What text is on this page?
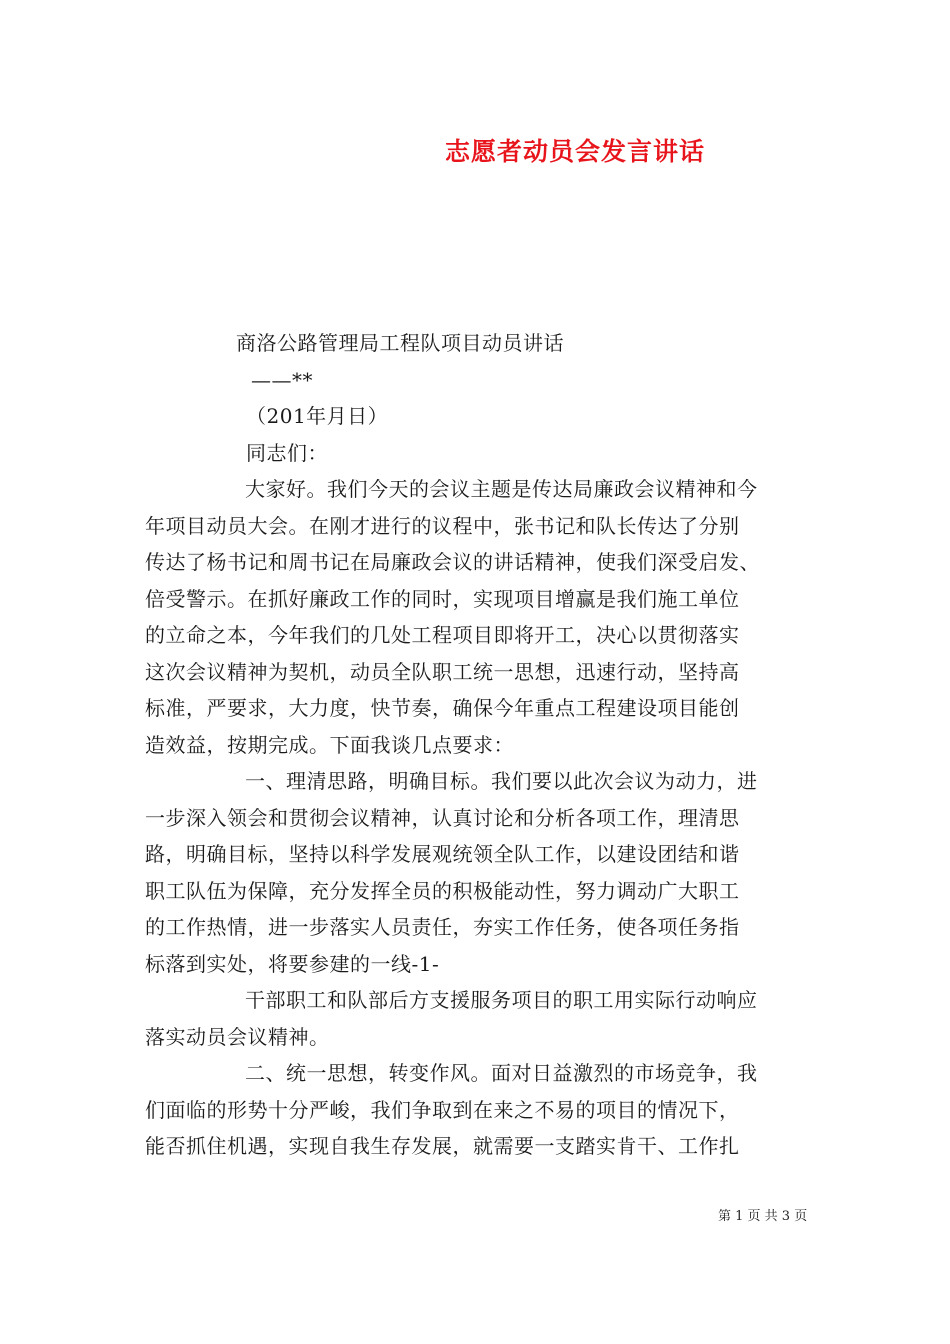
志愿者动员会发言讲话
商洛公路管理局工程队项目动员讲话
——**
（201年月日）
同志们：
大家好。我们今天的会议主题是传达局廉政会议精神和今
年项目动员大会。在刚才进行的议程中，张书记和队长传达了分别
传达了杨书记和周书记在局廉政会议的讲话精神，使我们深受启发、
倍受警示。在抓好廉政工作的同时，实现项目增赢是我们施工单位
的立命之本，今年我们的几处工程项目即将开工，决心以贯彻落实
这次会议精神为契机，动员全队职工统一思想，迅速行动，坚持高
标准，严要求，大力度，快节奏，确保今年重点工程建设项目能创
造效益，按期完成。下面我谈几点要求：
一、理清思路，明确目标。我们要以此次会议为动力，进
一步深入领会和贯彻会议精神，认真讨论和分析各项工作，理清思
路，明确目标，坚持以科学发展观统领全队工作，以建设团结和谐
职工队伍为保障，充分发挥全员的积极能动性，努力调动广大职工
的工作热情，进一步落实人员责任，夯实工作任务，使各项任务指
标落到实处，将要参建的一线-1-
干部职工和队部后方支援服务项目的职工用实际行动响应
落实动员会议精神。
二、统一思想，转变作风。面对日益激烈的市场竞争，我
们面临的形势十分严峻，我们争取到在来之不易的项目的情况下，
能否抓住机遇，实现自我生存发展，就需要一支踏实肯干、工作扎
第 1 页 共 3 页
